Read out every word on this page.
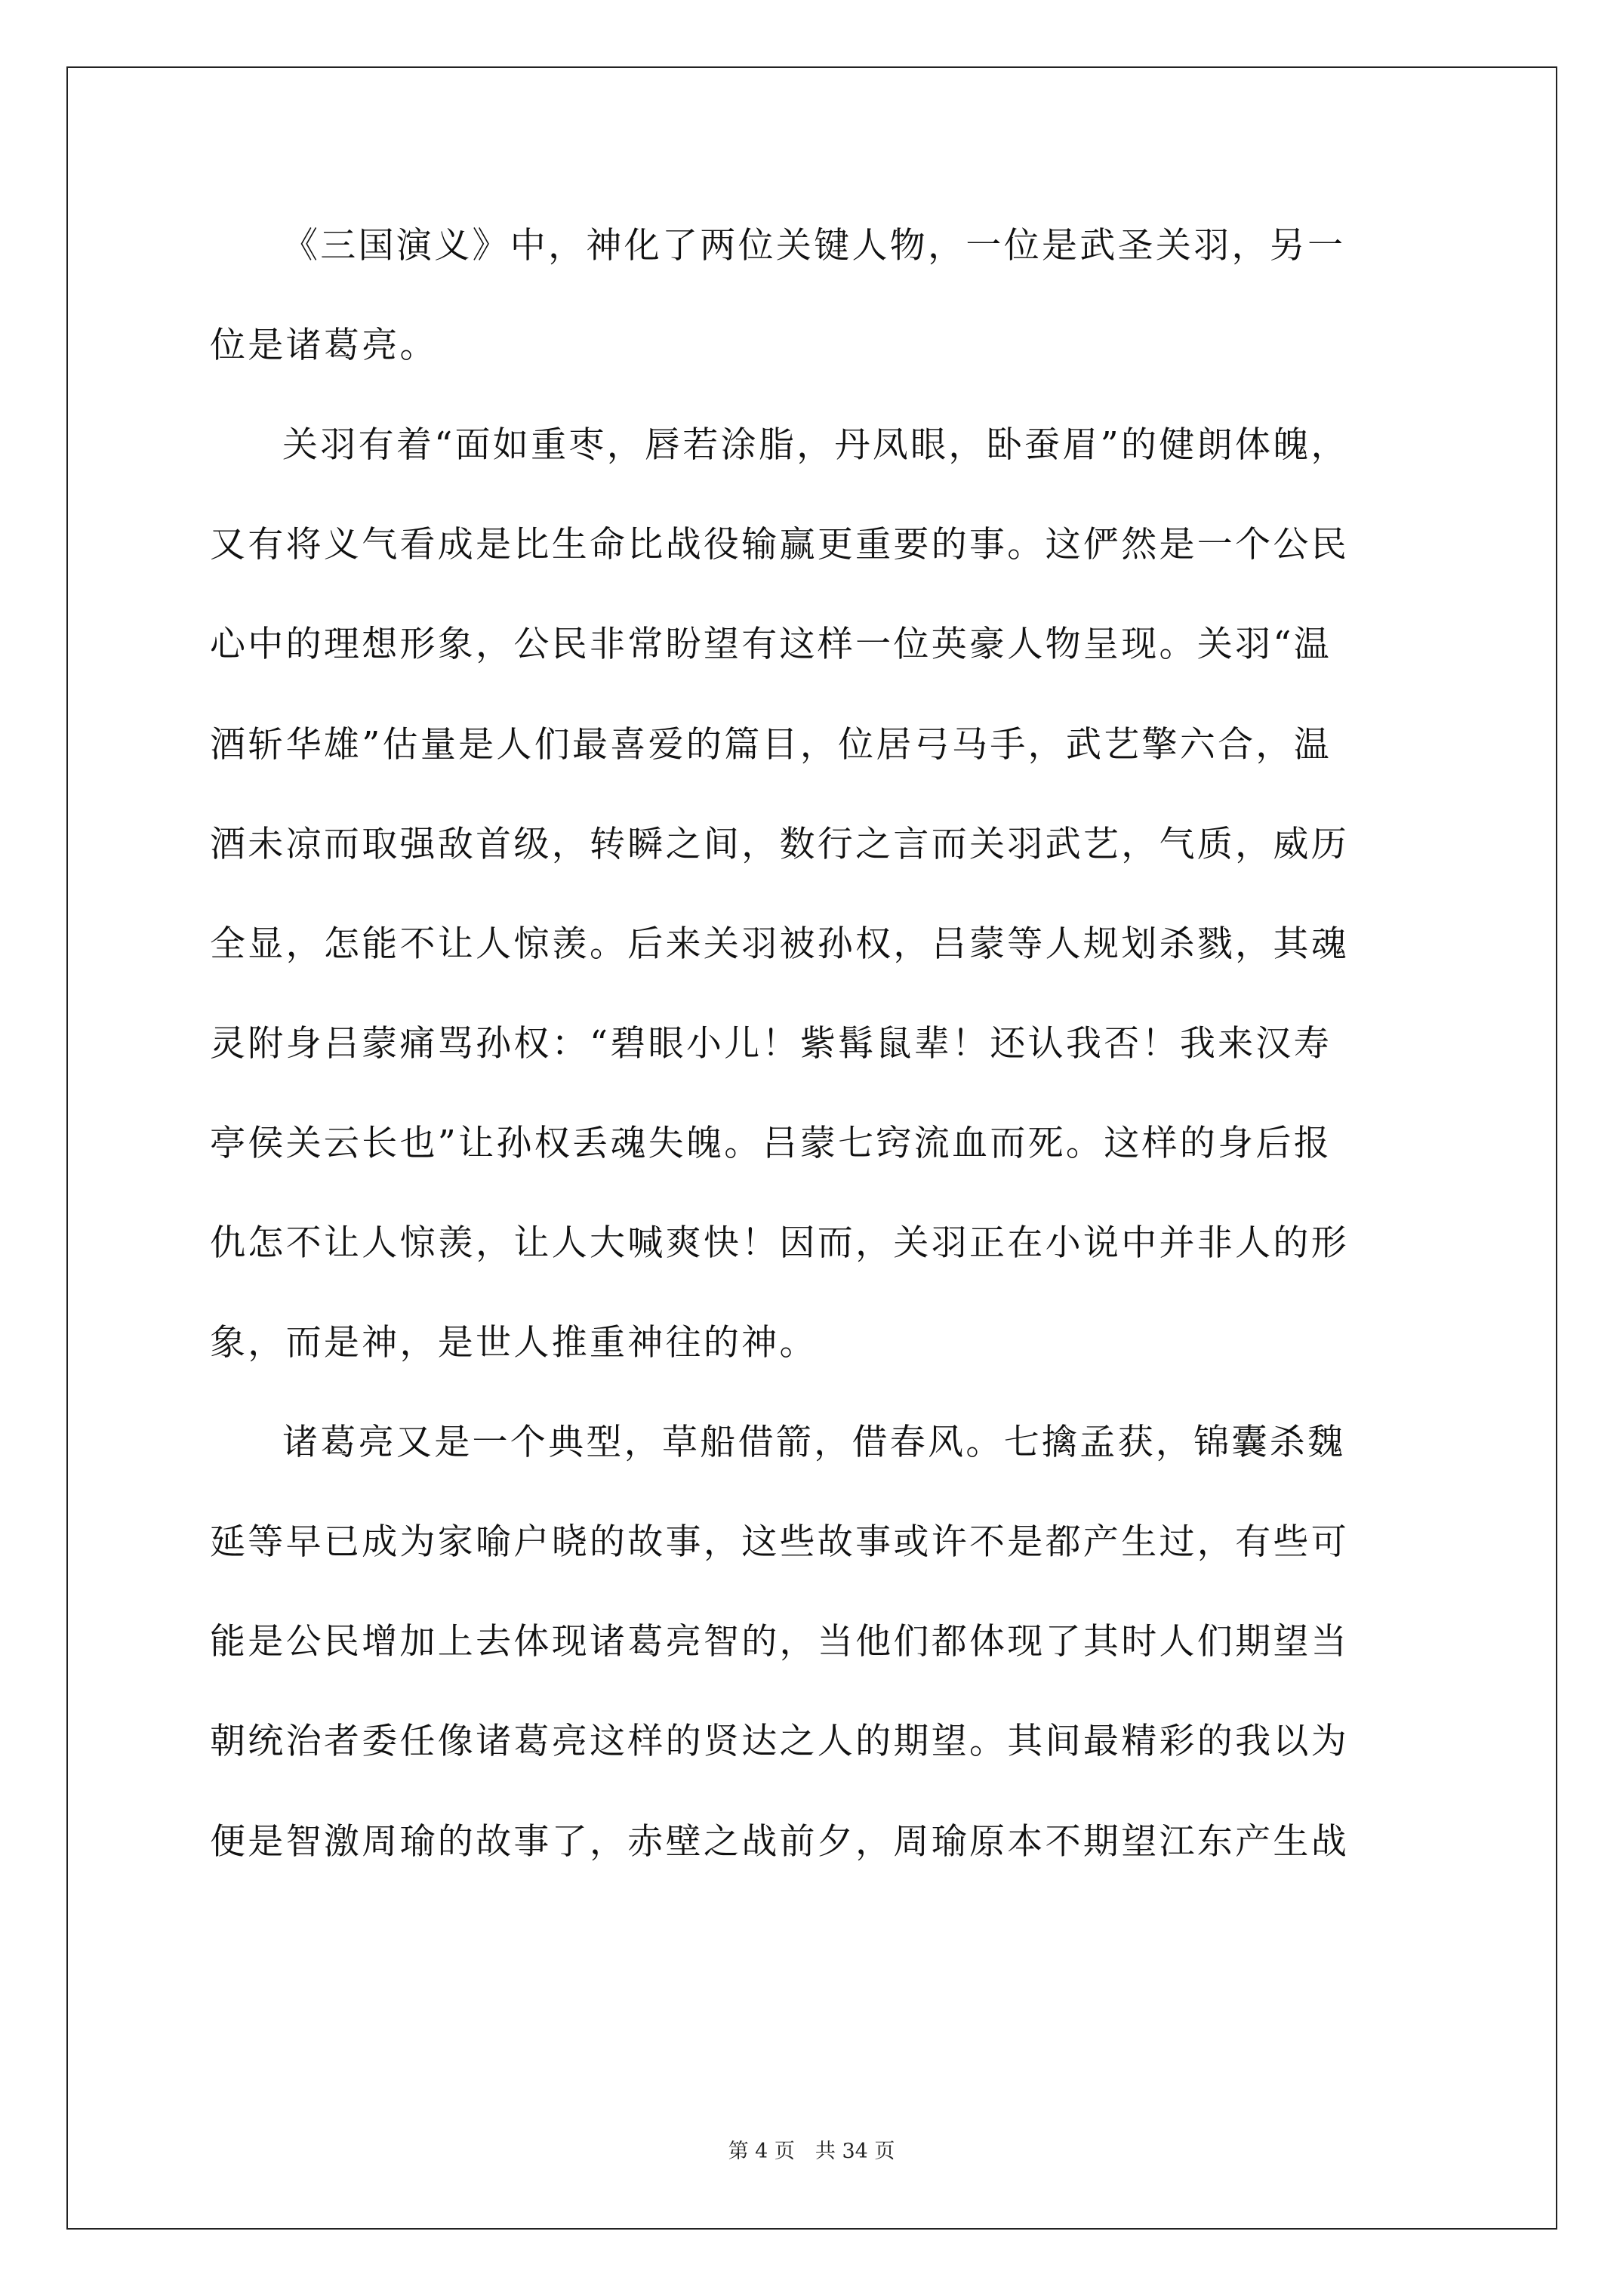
《三国演义》中，神化了两位关键人物，一位是武圣关羽，另一
位是诸葛亮。
关羽有着“面如重枣，唇若涂脂，丹凤眼，卧蚕眉”的健朗体魄，
又有将义气看成是比生命比战役输赢更重要的事。这俨然是一个公民
心中的理想形象，公民非常盼望有这样一位英豪人物呈现。关羽“温
酒斩华雄”估量是人们最喜爱的篇目，位居弓马手，武艺擎六合，温
酒未凉而取强敌首级，转瞬之间，数行之言而关羽武艺，气质，威历
全显，怎能不让人惊羡。后来关羽被孙权，吕蒙等人规划杀戮，其魂
灵附身吕蒙痛骂孙权：“碧眼小儿！紫髯鼠辈！还认我否！我来汉寿
亭侯关云长也”让孙权丢魂失魄。吕蒙七窍流血而死。这样的身后报
仇怎不让人惊羡，让人大喊爽快！因而，关羽正在小说中并非人的形
象，而是神，是世人推重神往的神。
诸葛亮又是一个典型，草船借箭，借春风。七擒孟获，锦囊杀魏
延等早已成为家喻户晓的故事，这些故事或许不是都产生过，有些可
能是公民增加上去体现诸葛亮智的，当他们都体现了其时人们期望当
朝统治者委任像诸葛亮这样的贤达之人的期望。其间最精彩的我以为
便是智激周瑜的故事了，赤壁之战前夕，周瑜原本不期望江东产生战
第 4 页　共 34 页
